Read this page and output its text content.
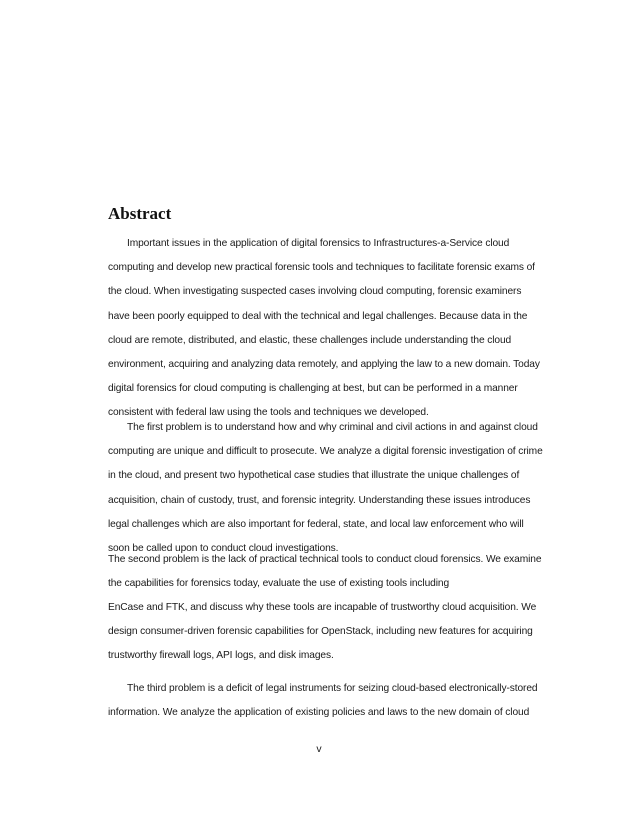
Abstract

Important issues in the application of digital forensics to Infrastructures-a-Service cloud computing and develop new practical forensic tools and techniques to facilitate forensic exams of the cloud. When investigating suspected cases involving cloud computing, forensic examiners have been poorly equipped to deal with the technical and legal challenges. Because data in the cloud are remote, distributed, and elastic, these challenges include understanding the cloud environment, acquiring and analyzing data remotely, and applying the law to a new domain. Today digital forensics for cloud computing is challenging at best, but can be performed in a manner consistent with federal law using the tools and techniques we developed.

The first problem is to understand how and why criminal and civil actions in and against cloud computing are unique and difficult to prosecute. We analyze a digital forensic investigation of crime in the cloud, and present two hypothetical case studies that illustrate the unique challenges of acquisition, chain of custody, trust, and forensic integrity. Understanding these issues introduces legal challenges which are also important for federal, state, and local law enforcement who will soon be called upon to conduct cloud investigations.

The second problem is the lack of practical technical tools to conduct cloud forensics. We examine the capabilities for forensics today, evaluate the use of existing tools including

EnCase and FTK, and discuss why these tools are incapable of trustworthy cloud acquisition. We design consumer-driven forensic capabilities for OpenStack, including new features for acquiring trustworthy firewall logs, API logs, and disk images.

The third problem is a deficit of legal instruments for seizing cloud-based electronically-stored information. We analyze the application of existing policies and laws to the new domain of cloud

v
